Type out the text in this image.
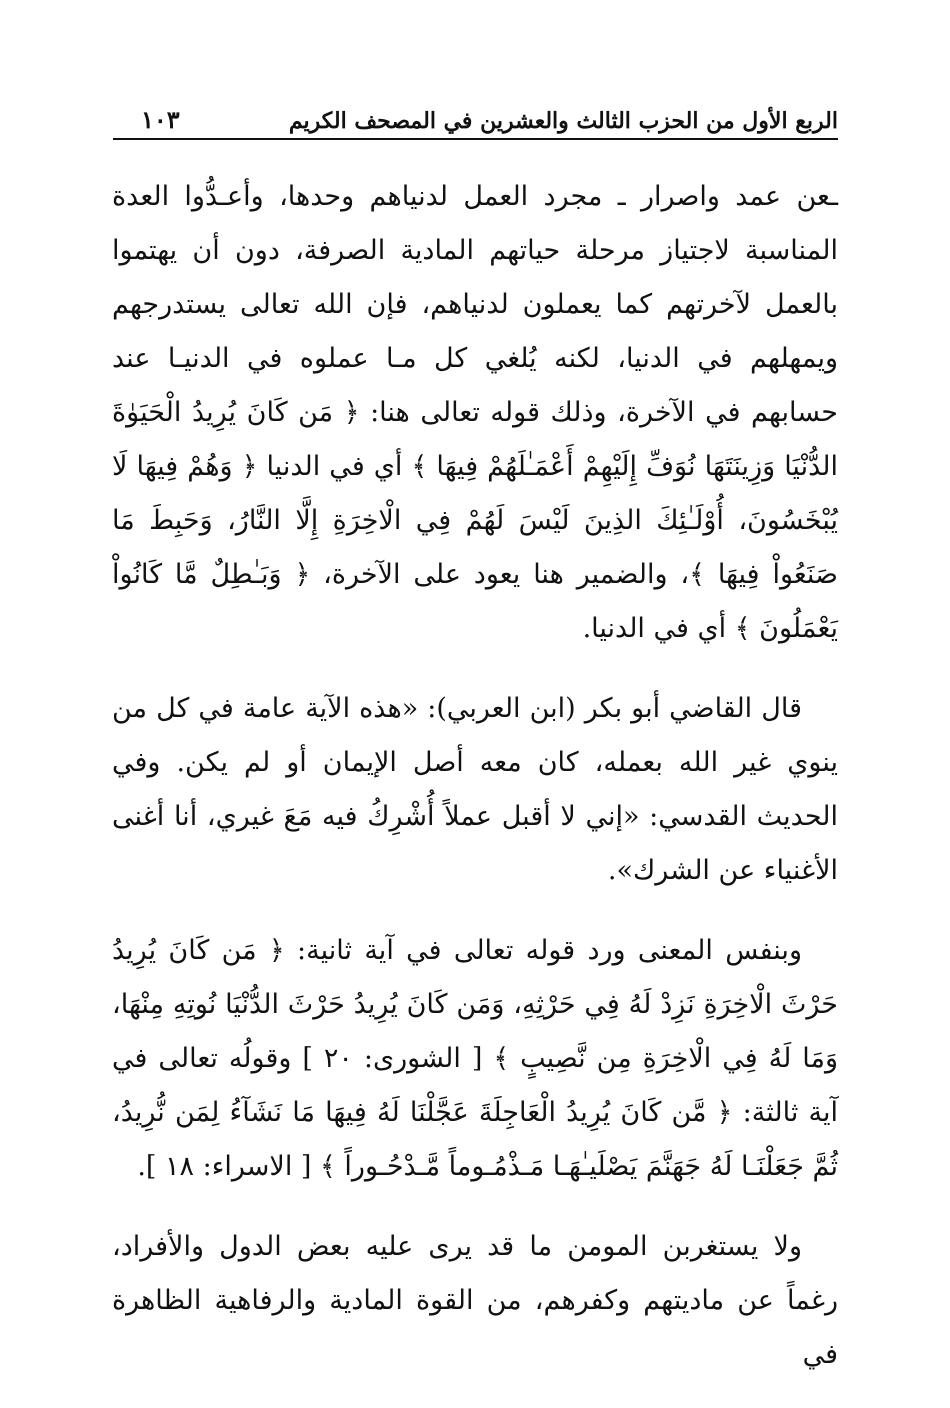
الربع الأول من الحزب الثالث والعشرين في المصحف الكريم
١٠٣

ـعن عمد واصرار ـ مجرد العمل لدنياهم وحدها، وأعـدُّوا العدة المناسبة لاجتياز مرحلة حياتهم المادية الصرفة، دون أن يهتموا بالعمل لآخرتهم كما يعملون لدنياهم، فإن الله تعالى يستدرجهم ويمهلهم في الدنيا، لكنه يُلغي كل مـا عملوه في الدنيـا عند حسابهم في الآخرة، وذلك قوله تعالى هنا: ﴿ مَن كَانَ يُرِيدُ الْحَيَوٰةَ الدُّنْيَا وَزِينَتَهَا نُوَفِّ إِلَيْهِمْ أَعْمَـٰلَهُمْ فِيهَا ﴾ أي في الدنيا ﴿ وَهُمْ فِيهَا لَا يُبْخَسُونَ، أُوْلَـٰئِكَ الذِينَ لَيْسَ لَهُمْ فِي الْاخِرَةِ إِلَّا النَّارُ، وَحَبِطَ مَا صَنَعُواْ فِيهَا ﴾، والضمير هنا يعود على الآخرة، ﴿ وَبَـٰطِلٌ مَّا كَانُواْ يَعْمَلُونَ ﴾ أي في الدنيا.

قال القاضي أبو بكر (ابن العربي): «هذه الآية عامة في كل من ينوي غير الله بعمله، كان معه أصل الإيمان أو لم يكن. وفي الحديث القدسي: «إني لا أقبل عملاً أُشْرِكُ فيه مَعَ غيري، أنا أغنى الأغنياء عن الشرك».

وبنفس المعنى ورد قوله تعالى في آية ثانية: ﴿ مَن كَانَ يُرِيدُ حَرْثَ الْاخِرَةِ نَزِدْ لَهُ فِي حَرْثِهِ، وَمَن كَانَ يُرِيدُ حَرْثَ الدُّنْيَا نُوتِهِ مِنْهَا، وَمَا لَهُ فِي الْاخِرَةِ مِن نَّصِيبٍ ﴾ [ الشورى: ٢٠ ] وقولُه تعالى في آية ثالثة: ﴿ مَّن كَانَ يُرِيدُ الْعَاجِلَةَ عَجَّلْنَا لَهُ فِيهَا مَا نَشَآءُ لِمَن نُّرِيدُ، ثُمَّ جَعَلْنَـا لَهُ جَهَنَّمَ يَصْلَيـٰهَـا مَـذْمُـوماً مَّـدْحُـوراً ﴾ [ الاسراء: ١٨ ].

ولا يستغربن المومن ما قد يرى عليه بعض الدول والأفراد، رغماً عن ماديتهم وكفرهم، من القوة المادية والرفاهية الظاهرة في
